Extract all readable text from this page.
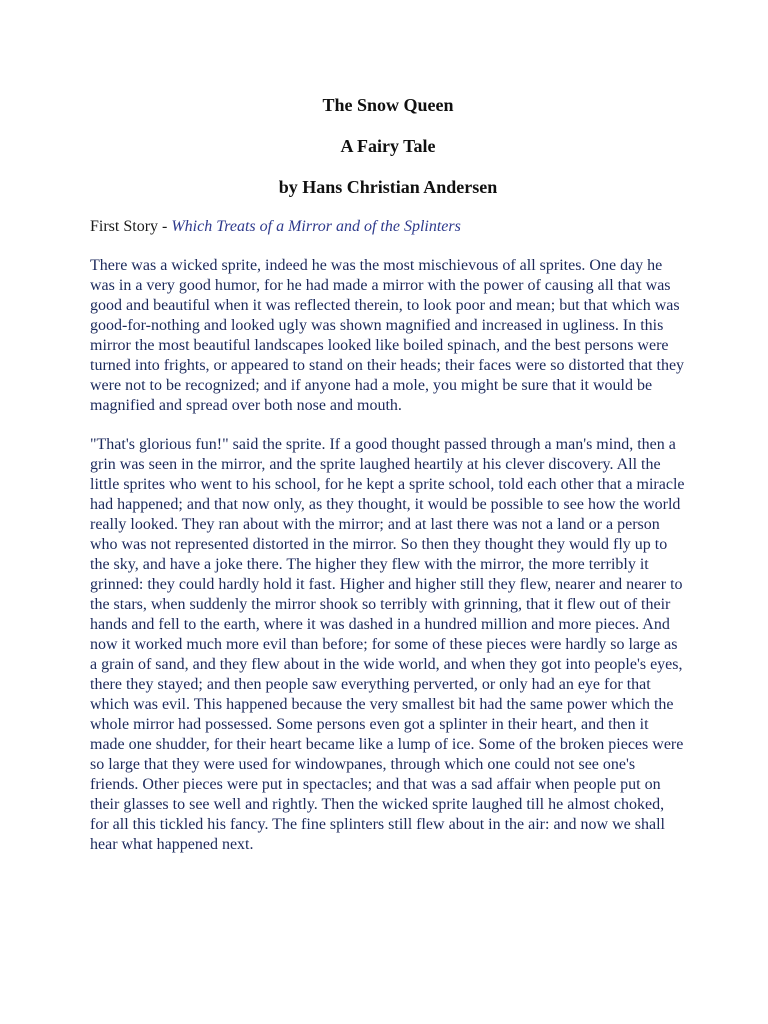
The Snow Queen
A Fairy Tale
by Hans Christian Andersen

First Story - Which Treats of a Mirror and of the Splinters

There was a wicked sprite, indeed he was the most mischievous of all sprites. One day he was in a very good humor, for he had made a mirror with the power of causing all that was good and beautiful when it was reflected therein, to look poor and mean; but that which was good-for-nothing and looked ugly was shown magnified and increased in ugliness. In this mirror the most beautiful landscapes looked like boiled spinach, and the best persons were turned into frights, or appeared to stand on their heads; their faces were so distorted that they were not to be recognized; and if anyone had a mole, you might be sure that it would be magnified and spread over both nose and mouth.

"That's glorious fun!" said the sprite. If a good thought passed through a man's mind, then a grin was seen in the mirror, and the sprite laughed heartily at his clever discovery. All the little sprites who went to his school, for he kept a sprite school, told each other that a miracle had happened; and that now only, as they thought, it would be possible to see how the world really looked. They ran about with the mirror; and at last there was not a land or a person who was not represented distorted in the mirror. So then they thought they would fly up to the sky, and have a joke there. The higher they flew with the mirror, the more terribly it grinned: they could hardly hold it fast. Higher and higher still they flew, nearer and nearer to the stars, when suddenly the mirror shook so terribly with grinning, that it flew out of their hands and fell to the earth, where it was dashed in a hundred million and more pieces. And now it worked much more evil than before; for some of these pieces were hardly so large as a grain of sand, and they flew about in the wide world, and when they got into people's eyes, there they stayed; and then people saw everything perverted, or only had an eye for that which was evil. This happened because the very smallest bit had the same power which the whole mirror had possessed. Some persons even got a splinter in their heart, and then it made one shudder, for their heart became like a lump of ice. Some of the broken pieces were so large that they were used for windowpanes, through which one could not see one's friends. Other pieces were put in spectacles; and that was a sad affair when people put on their glasses to see well and rightly. Then the wicked sprite laughed till he almost choked, for all this tickled his fancy. The fine splinters still flew about in the air: and now we shall hear what happened next.
